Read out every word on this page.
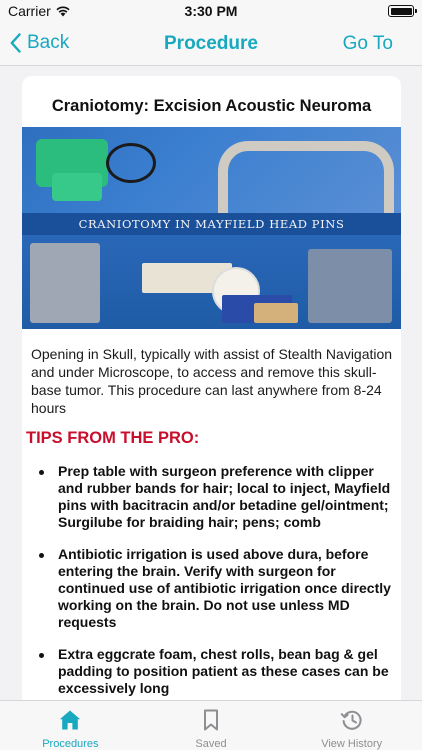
Carrier	3:30 PM
Back	Procedure	Go To
Craniotomy: Excision Acoustic Neuroma
CRANIOTOMY IN MAYFIELD HEAD PINS
Opening in Skull, typically with assist of Stealth Navigation and under Microscope, to access and remove this skull-base tumor. This procedure can last anywhere from 8-24 hours
TIPS FROM THE PRO:
Prep table with surgeon preference with clipper and rubber bands for hair; local to inject, Mayfield pins with bacitracin and/or betadine gel/ointment; Surgilube for braiding hair; pens; comb
Antibiotic irrigation is used above dura, before entering the brain. Verify with surgeon for continued use of antibiotic irrigation once directly working on the brain. Do not use unless MD requests
Extra eggcrate foam, chest rolls, bean bag & gel padding to position patient as these cases can be excessively long
Procedures	Saved	View History
